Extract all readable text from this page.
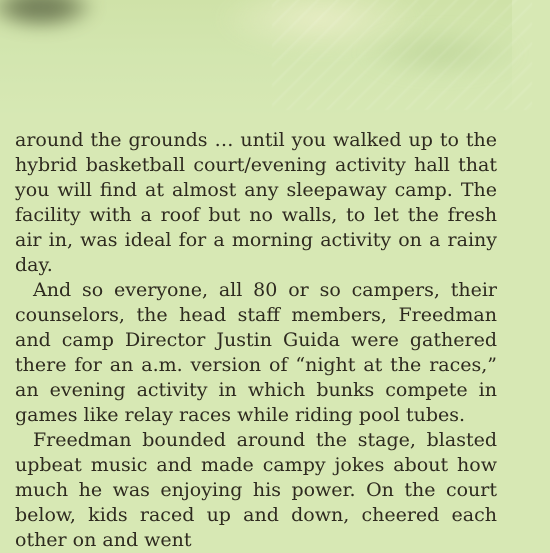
around the grounds … until you walked up to the hybrid basketball court/evening activity hall that you will find at almost any sleepaway camp. The facility with a roof but no walls, to let the fresh air in, was ideal for a morning activity on a rainy day.

And so everyone, all 80 or so campers, their counselors, the head staff members, Freedman and camp Director Justin Guida were gathered there for an a.m. version of “night at the races,” an evening activity in which bunks compete in games like relay races while riding pool tubes.

Freedman bounded around the stage, blasted upbeat music and made campy jokes about how much he was enjoying his power. On the court below, kids raced up and down, cheered each other on and went
